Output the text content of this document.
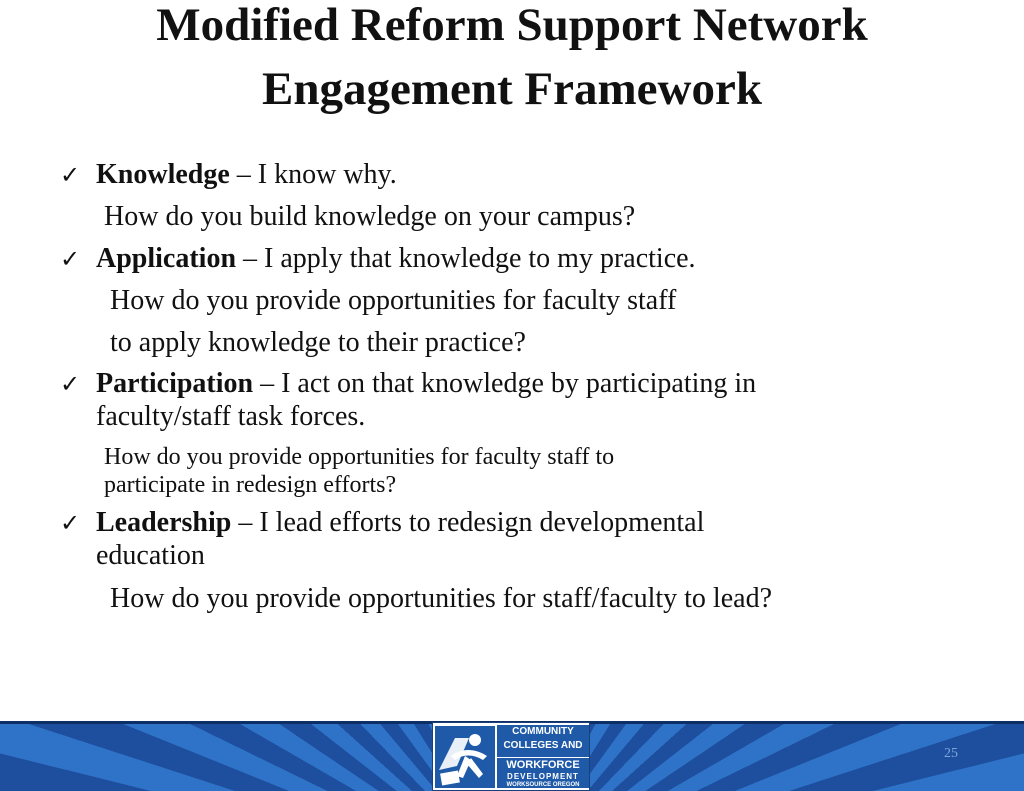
Modified Reform Support Network
Engagement Framework
✓ Knowledge – I know why.
How do you build knowledge on your campus?
✓ Application – I apply that knowledge to my practice.
How do you provide opportunities for faculty staff
to apply knowledge to their practice?
✓ Participation – I act on that knowledge by participating in
faculty/staff task forces.
How do you provide opportunities for faculty staff to
participate in redesign efforts?
✓ Leadership – I lead efforts to redesign developmental
education
How do you provide opportunities for staff/faculty to lead?
COMMUNITY
COLLEGES AND
WORKFORCE
DEVELOPMENT
WORKSOURCE OREGON
25
